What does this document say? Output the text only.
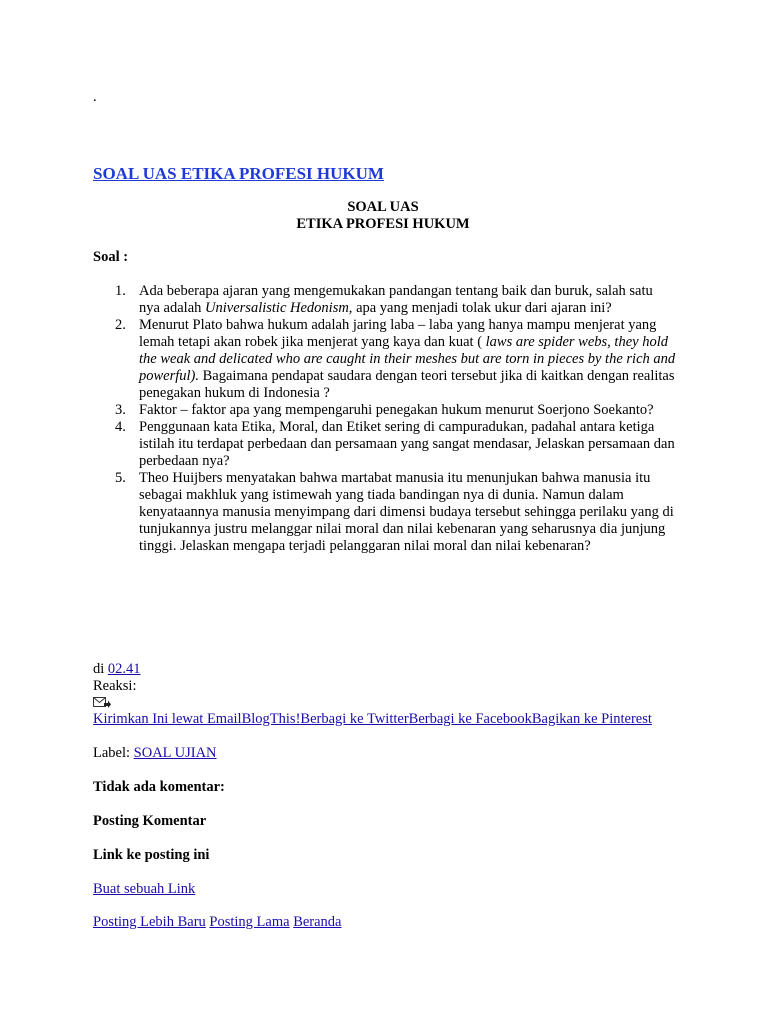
.
SOAL UAS ETIKA PROFESI HUKUM
SOAL UAS
ETIKA PROFESI HUKUM
Soal :
1. Ada beberapa ajaran yang mengemukakan pandangan tentang baik dan buruk, salah satu nya adalah Universalistic Hedonism, apa yang menjadi tolak ukur dari ajaran ini?
2. Menurut Plato bahwa hukum adalah jaring laba – laba yang hanya mampu menjerat yang lemah tetapi akan robek jika menjerat yang kaya dan kuat ( laws are spider webs, they hold the weak and delicated who are caught in their meshes but are torn in pieces by the rich and powerful). Bagaimana pendapat saudara dengan teori tersebut jika di kaitkan dengan realitas penegakan hukum di Indonesia ?
3. Faktor – faktor apa yang mempengaruhi penegakan hukum menurut Soerjono Soekanto?
4. Penggunaan kata Etika, Moral, dan Etiket sering di campuradukan, padahal antara ketiga istilah itu terdapat perbedaan dan persamaan yang sangat mendasar, Jelaskan persamaan dan perbedaan nya?
5. Theo Huijbers menyatakan bahwa martabat manusia itu menunjukan bahwa manusia itu sebagai makhluk yang istimewah yang tiada bandingan nya di dunia. Namun dalam kenyataannya manusia menyimpang dari dimensi budaya tersebut sehingga perilaku yang di tunjukannya justru melanggar nilai moral dan nilai kebenaran yang seharusnya dia junjung tinggi. Jelaskan mengapa terjadi pelanggaran nilai moral dan nilai kebenaran?
di 02.41
Reaksi:
Kirimkan Ini lewat EmailBlogThis!Berbagi ke TwitterBerbagi ke FacebookBagikan ke Pinterest
Label: SOAL UJIAN
Tidak ada komentar:
Posting Komentar
Link ke posting ini
Buat sebuah Link
Posting Lebih Baru Posting Lama Beranda
